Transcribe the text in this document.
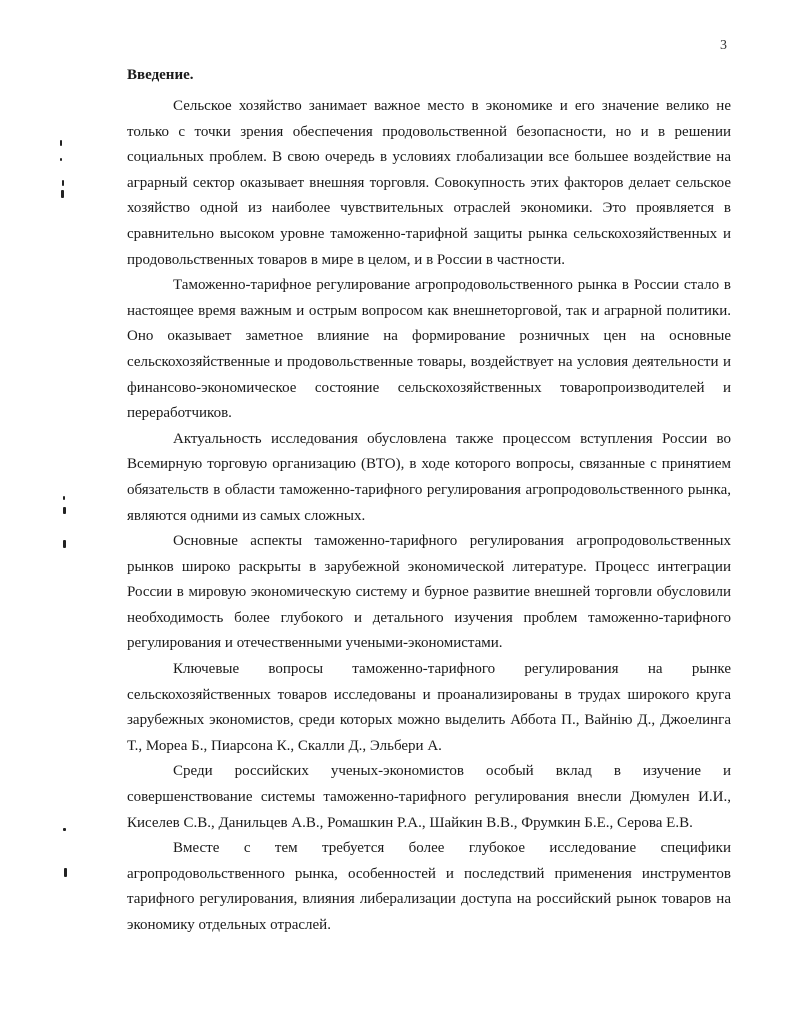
3
Введение.

Сельское хозяйство занимает важное место в экономике и его значение велико не только с точки зрения обеспечения продовольственной безопасности, но и в решении социальных проблем. В свою очередь в условиях глобализации все большее воздействие на аграрный сектор оказывает внешняя торговля. Совокупность этих факторов делает сельское хозяйство одной из наиболее чувствительных отраслей экономики. Это проявляется в сравнительно высоком уровне таможенно-тарифной защиты рынка сельскохозяйственных и продовольственных товаров в мире в целом, и в России в частности.

Таможенно-тарифное регулирование агропродовольственного рынка в России стало в настоящее время важным и острым вопросом как внешнеторговой, так и аграрной политики. Оно оказывает заметное влияние на формирование розничных цен на основные сельскохозяйственные и продовольственные товары, воздействует на условия деятельности и финансово-экономическое состояние сельскохозяйственных товаропроизводителей и переработчиков.

Актуальность исследования обусловлена также процессом вступления России во Всемирную торговую организацию (ВТО), в ходе которого вопросы, связанные с принятием обязательств в области таможенно-тарифного регулирования агропродовольственного рынка, являются одними из самых сложных.

Основные аспекты таможенно-тарифного регулирования агропродовольственных рынков широко раскрыты в зарубежной экономической литературе. Процесс интеграции России в мировую экономическую систему и бурное развитие внешней торговли обусловили необходимость более глубокого и детального изучения проблем таможенно-тарифного регулирования и отечественными учеными-экономистами.

Ключевые вопросы таможенно-тарифного регулирования на рынке сельскохозяйственных товаров исследованы и проанализированы в трудах широкого круга зарубежных экономистов, среди которых можно выделить Аббота П., Вайнію Д., Джоелинга Т., Мореа Б., Пиарсона К., Скалли Д., Эльбери А.

Среди российских ученых-экономистов особый вклад в изучение и совершенствование системы таможенно-тарифного регулирования внесли Дюмулен И.И., Киселев С.В., Данильцев А.В., Ромашкин Р.А., Шайкин В.В., Фрумкин Б.Е., Серова Е.В.

Вместе с тем требуется более глубокое исследование специфики агропродовольственного рынка, особенностей и последствий применения инструментов тарифного регулирования, влияния либерализации доступа на российский рынок товаров на экономику отдельных отраслей.
